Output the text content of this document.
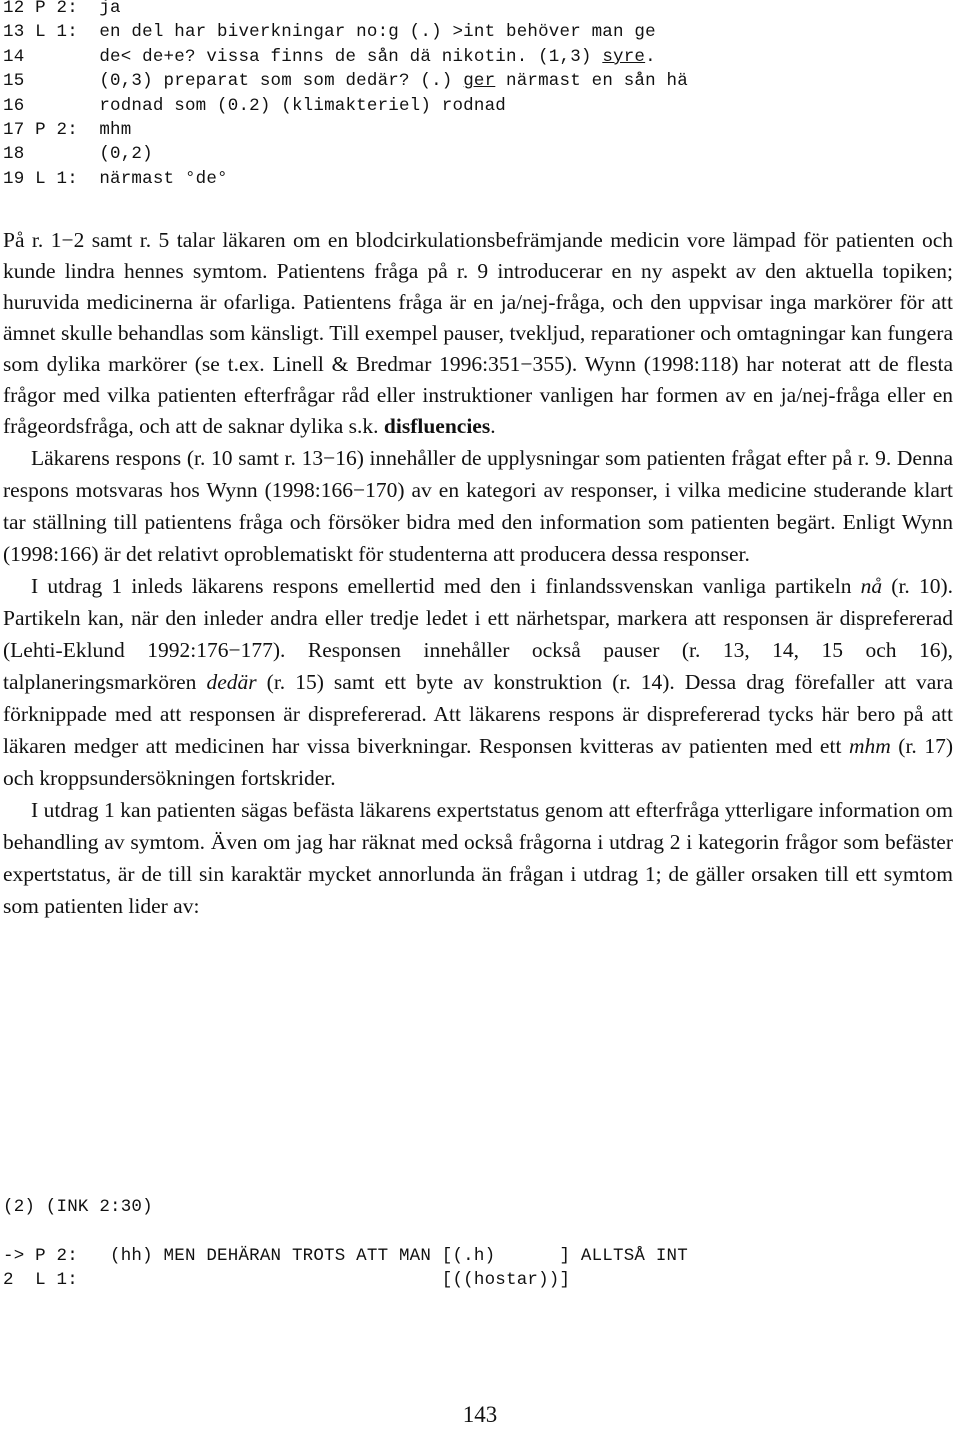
12 P 2: ja
13 L 1: en del har biverkningar no:g (.) >int behöver man ge
14	de< de+e? vissa finns de sån dä nikotin. (1,3) syre.
15	(0,3) preparat som som dedär? (.) ger närmast en sån hä
16	rodnad som (0.2) (klimakteriel) rodnad
17 P 2: mhm
18	(0,2)
19 L 1: närmast °de°

På r. 1−2 samt r. 5 talar läkaren om en blodcirkulationsbefrämjande medicin vore lämpad för patienten och kunde lindra hennes symtom. Patientens fråga på r. 9 introducerar en ny aspekt av den aktuella topiken; huruvida medicinerna är ofarliga. Patientens fråga är en ja/nej-fråga, och den uppvisar inga markörer för att ämnet skulle behandlas som känsligt. Till exempel pauser, tvekljud, reparationer och omtagningar kan fungera som dylika markörer (se t.ex. Linell & Bredmar 1996:351−355). Wynn (1998:118) har noterat att de flesta frågor med vilka patienten efterfrågar råd eller instruktioner vanligen har formen av en ja/nej-fråga eller en frågeordsfråga, och att de saknar dylika s.k. disfluencies.

Läkarens respons (r. 10 samt r. 13−16) innehåller de upplysningar som patienten frågat efter på r. 9. Denna respons motsvaras hos Wynn (1998:166−170) av en kategori av responser, i vilka medicine studerande klart tar ställning till patientens fråga och försöker bidra med den information som patienten begärt. Enligt Wynn (1998:166) är det relativt oproblematiskt för studenterna att producera dessa responser.

I utdrag 1 inleds läkarens respons emellertid med den i finlandssvenskan vanliga partikeln nå (r. 10). Partikeln kan, när den inleder andra eller tredje ledet i ett närhetspar, markera att responsen är disprefererad (Lehti-Eklund 1992:176−177). Responsen innehåller också pauser (r. 13, 14, 15 och 16), talplaneringsmarkören dedär (r. 15) samt ett byte av konstruktion (r. 14). Dessa drag förefaller att vara förknippade med att responsen är disprefererad. Att läkarens respons är disprefererad tycks här bero på att läkaren medger att medicinen har vissa biverkningar. Responsen kvitteras av patienten med ett mhm (r. 17) och kroppsundersökningen fortskrider.

I utdrag 1 kan patienten sägas befästa läkarens expertstatus genom att efterfråga ytterligare information om behandling av symtom. Även om jag har räknat med också frågorna i utdrag 2 i kategorin frågor som befäster expertstatus, är de till sin karaktär mycket annorlunda än frågan i utdrag 1; de gäller orsaken till ett symtom som patienten lider av:

(2) (INK 2:30)
-> P 2:   (hh) MEN DEHÄRAN TROTS ATT MAN [(.h)      ] ALLTSÅ INT
2 L 1:                                  [((hostar))]
143
